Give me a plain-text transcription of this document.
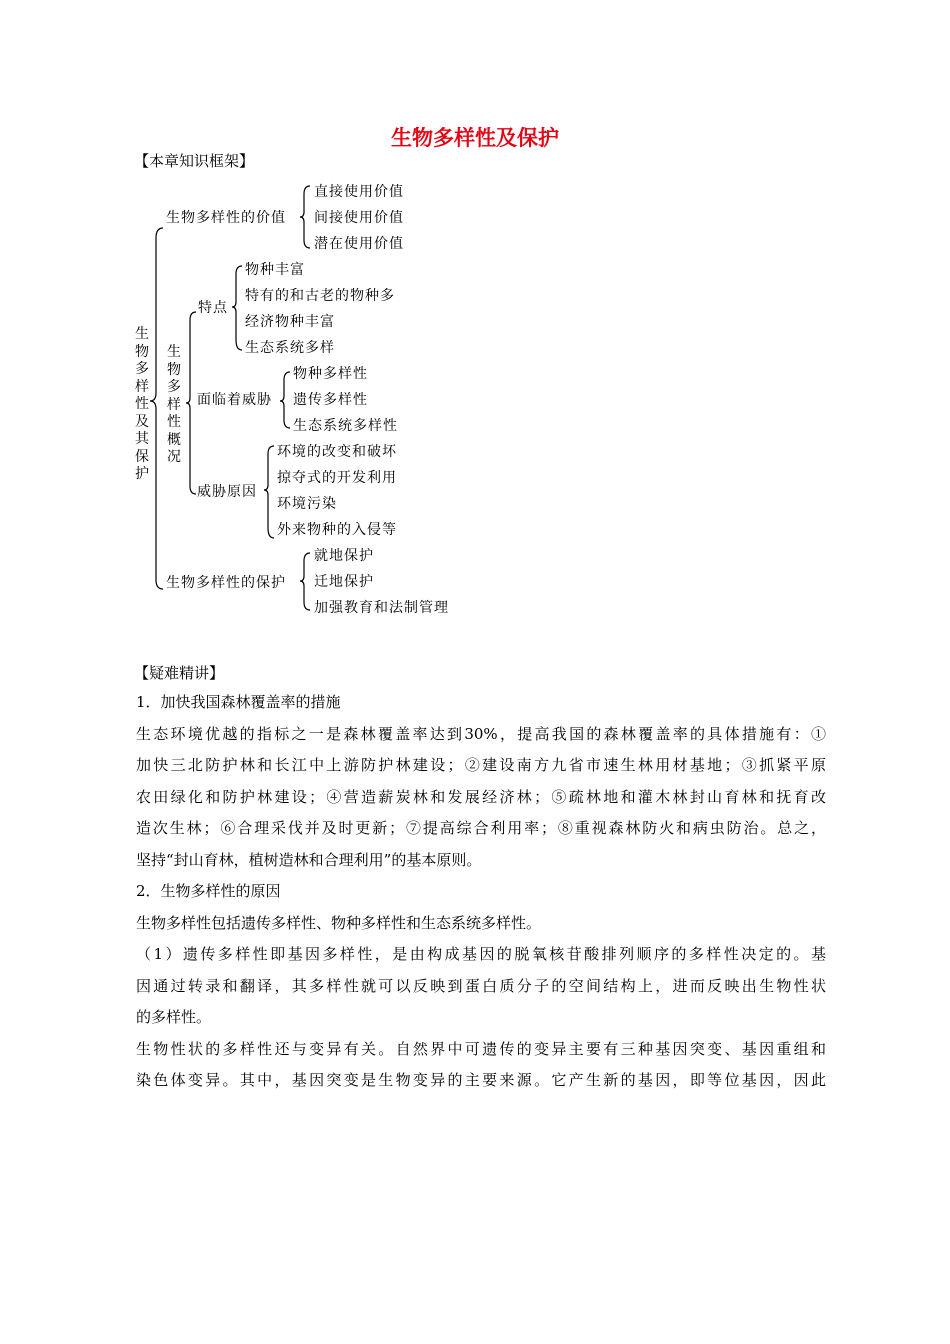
生物多样性及保护
【本章知识框架】
生
物
多
样
性
及
其
保
护
生物多样性的价值
直接使用价值
间接使用价值
潜在使用价值
生
物
多
样
性
概
况
特点
物种丰富
特有的和古老的物种多
经济物种丰富
生态系统多样
面临着威胁
物种多样性
遗传多样性
生态系统多样性
威胁原因
环境的改变和破坏
掠夺式的开发利用
环境污染
外来物种的入侵等
生物多样性的保护
就地保护
迁地保护
加强教育和法制管理
【疑难精讲】
1．加快我国森林覆盖率的措施
生态环境优越的指标之一是森林覆盖率达到30%，提高我国的森林覆盖率的具体措施有：①
加快三北防护林和长江中上游防护林建设；②建设南方九省市速生林用材基地；③抓紧平原
农田绿化和防护林建设；④营造薪炭林和发展经济林；⑤疏林地和灌木林封山育林和抚育改
造次生林；⑥合理采伐并及时更新；⑦提高综合利用率；⑧重视森林防火和病虫防治。总之，
坚持“封山育林，植树造林和合理利用”的基本原则。
2．生物多样性的原因
生物多样性包括遗传多样性、物种多样性和生态系统多样性。
（1）遗传多样性即基因多样性，是由构成基因的脱氧核苷酸排列顺序的多样性决定的。基
因通过转录和翻译，其多样性就可以反映到蛋白质分子的空间结构上，进而反映出生物性状
的多样性。
生物性状的多样性还与变异有关。自然界中可遗传的变异主要有三种基因突变、基因重组和
染色体变异。其中，基因突变是生物变异的主要来源。它产生新的基因，即等位基因，因此
